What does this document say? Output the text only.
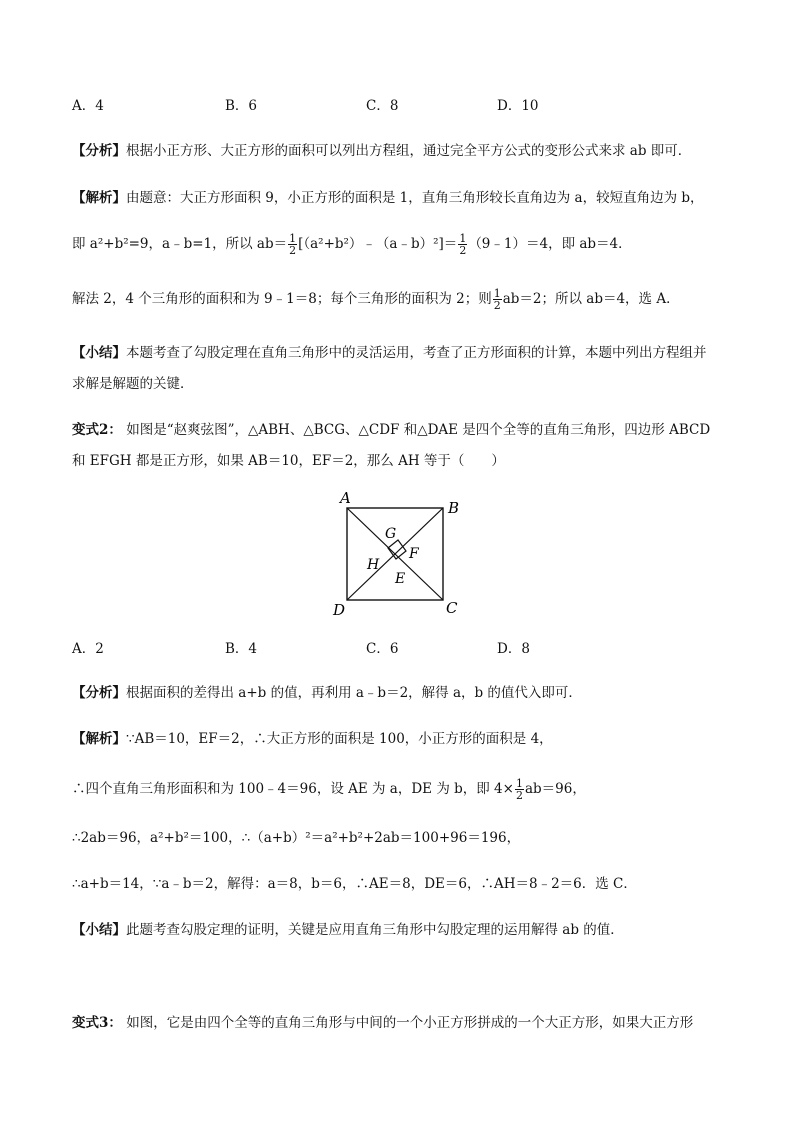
A．4	B．6	C．8	D．10
【分析】根据小正方形、大正方形的面积可以列出方程组，通过完全平方公式的变形公式来求 ab 即可．
【解析】由题意：大正方形面积 9，小正方形的面积是 1，直角三角形较长直角边为 a，较短直角边为 b，
即 a²+b²=9，a﹣b=1，所以 $ab= \frac{1}{2}$ [（a²+b²）﹣（a﹣b）²]＝ $\frac{1}{2}$ （9﹣1）＝4，即 ab＝4．
解法 2，4 个三角形的面积和为 9﹣1＝8；每个三角形的面积为 2；则 $\frac{1}{2} ab=2$；所以 ab＝4，选 A．
【小结】本题考查了勾股定理在直角三角形中的灵活运用，考查了正方形面积的计算，本题中列出方程组并
求解是解题的关键．
变式2： 如图是“赵爽弦图”，△ABH、△BCG、△CDF 和△DAE 是四个全等的直角三角形，四边形 ABCD
和 EFGH 都是正方形，如果 AB＝10，EF＝2，那么 AH 等于（　　）
A
B
C
D
E
F
G
H
A．2	B．4	C．6	D．8
【分析】根据面积的差得出 a+b 的值，再利用 a﹣b＝2，解得 a，b 的值代入即可．
【解析】∵AB＝10，EF＝2，∴大正方形的面积是 100，小正方形的面积是 4，
∴四个直角三角形面积和为 100﹣4＝96，设 AE 为 a，DE 为 b，即 $4\times \frac{1}{2} ab=96$，
∴2ab＝96，a²+b²＝100，∴（a+b）²＝a²+b²+2ab＝100+96＝196，
∴a+b＝14，∵a﹣b＝2，解得：a＝8，b＝6，∴AE＝8，DE＝6，∴AH＝8﹣2＝6．选 C．
【小结】此题考查勾股定理的证明，关键是应用直角三角形中勾股定理的运用解得 ab 的值．
变式3： 如图，它是由四个全等的直角三角形与中间的一个小正方形拼成的一个大正方形，如果大正方形
